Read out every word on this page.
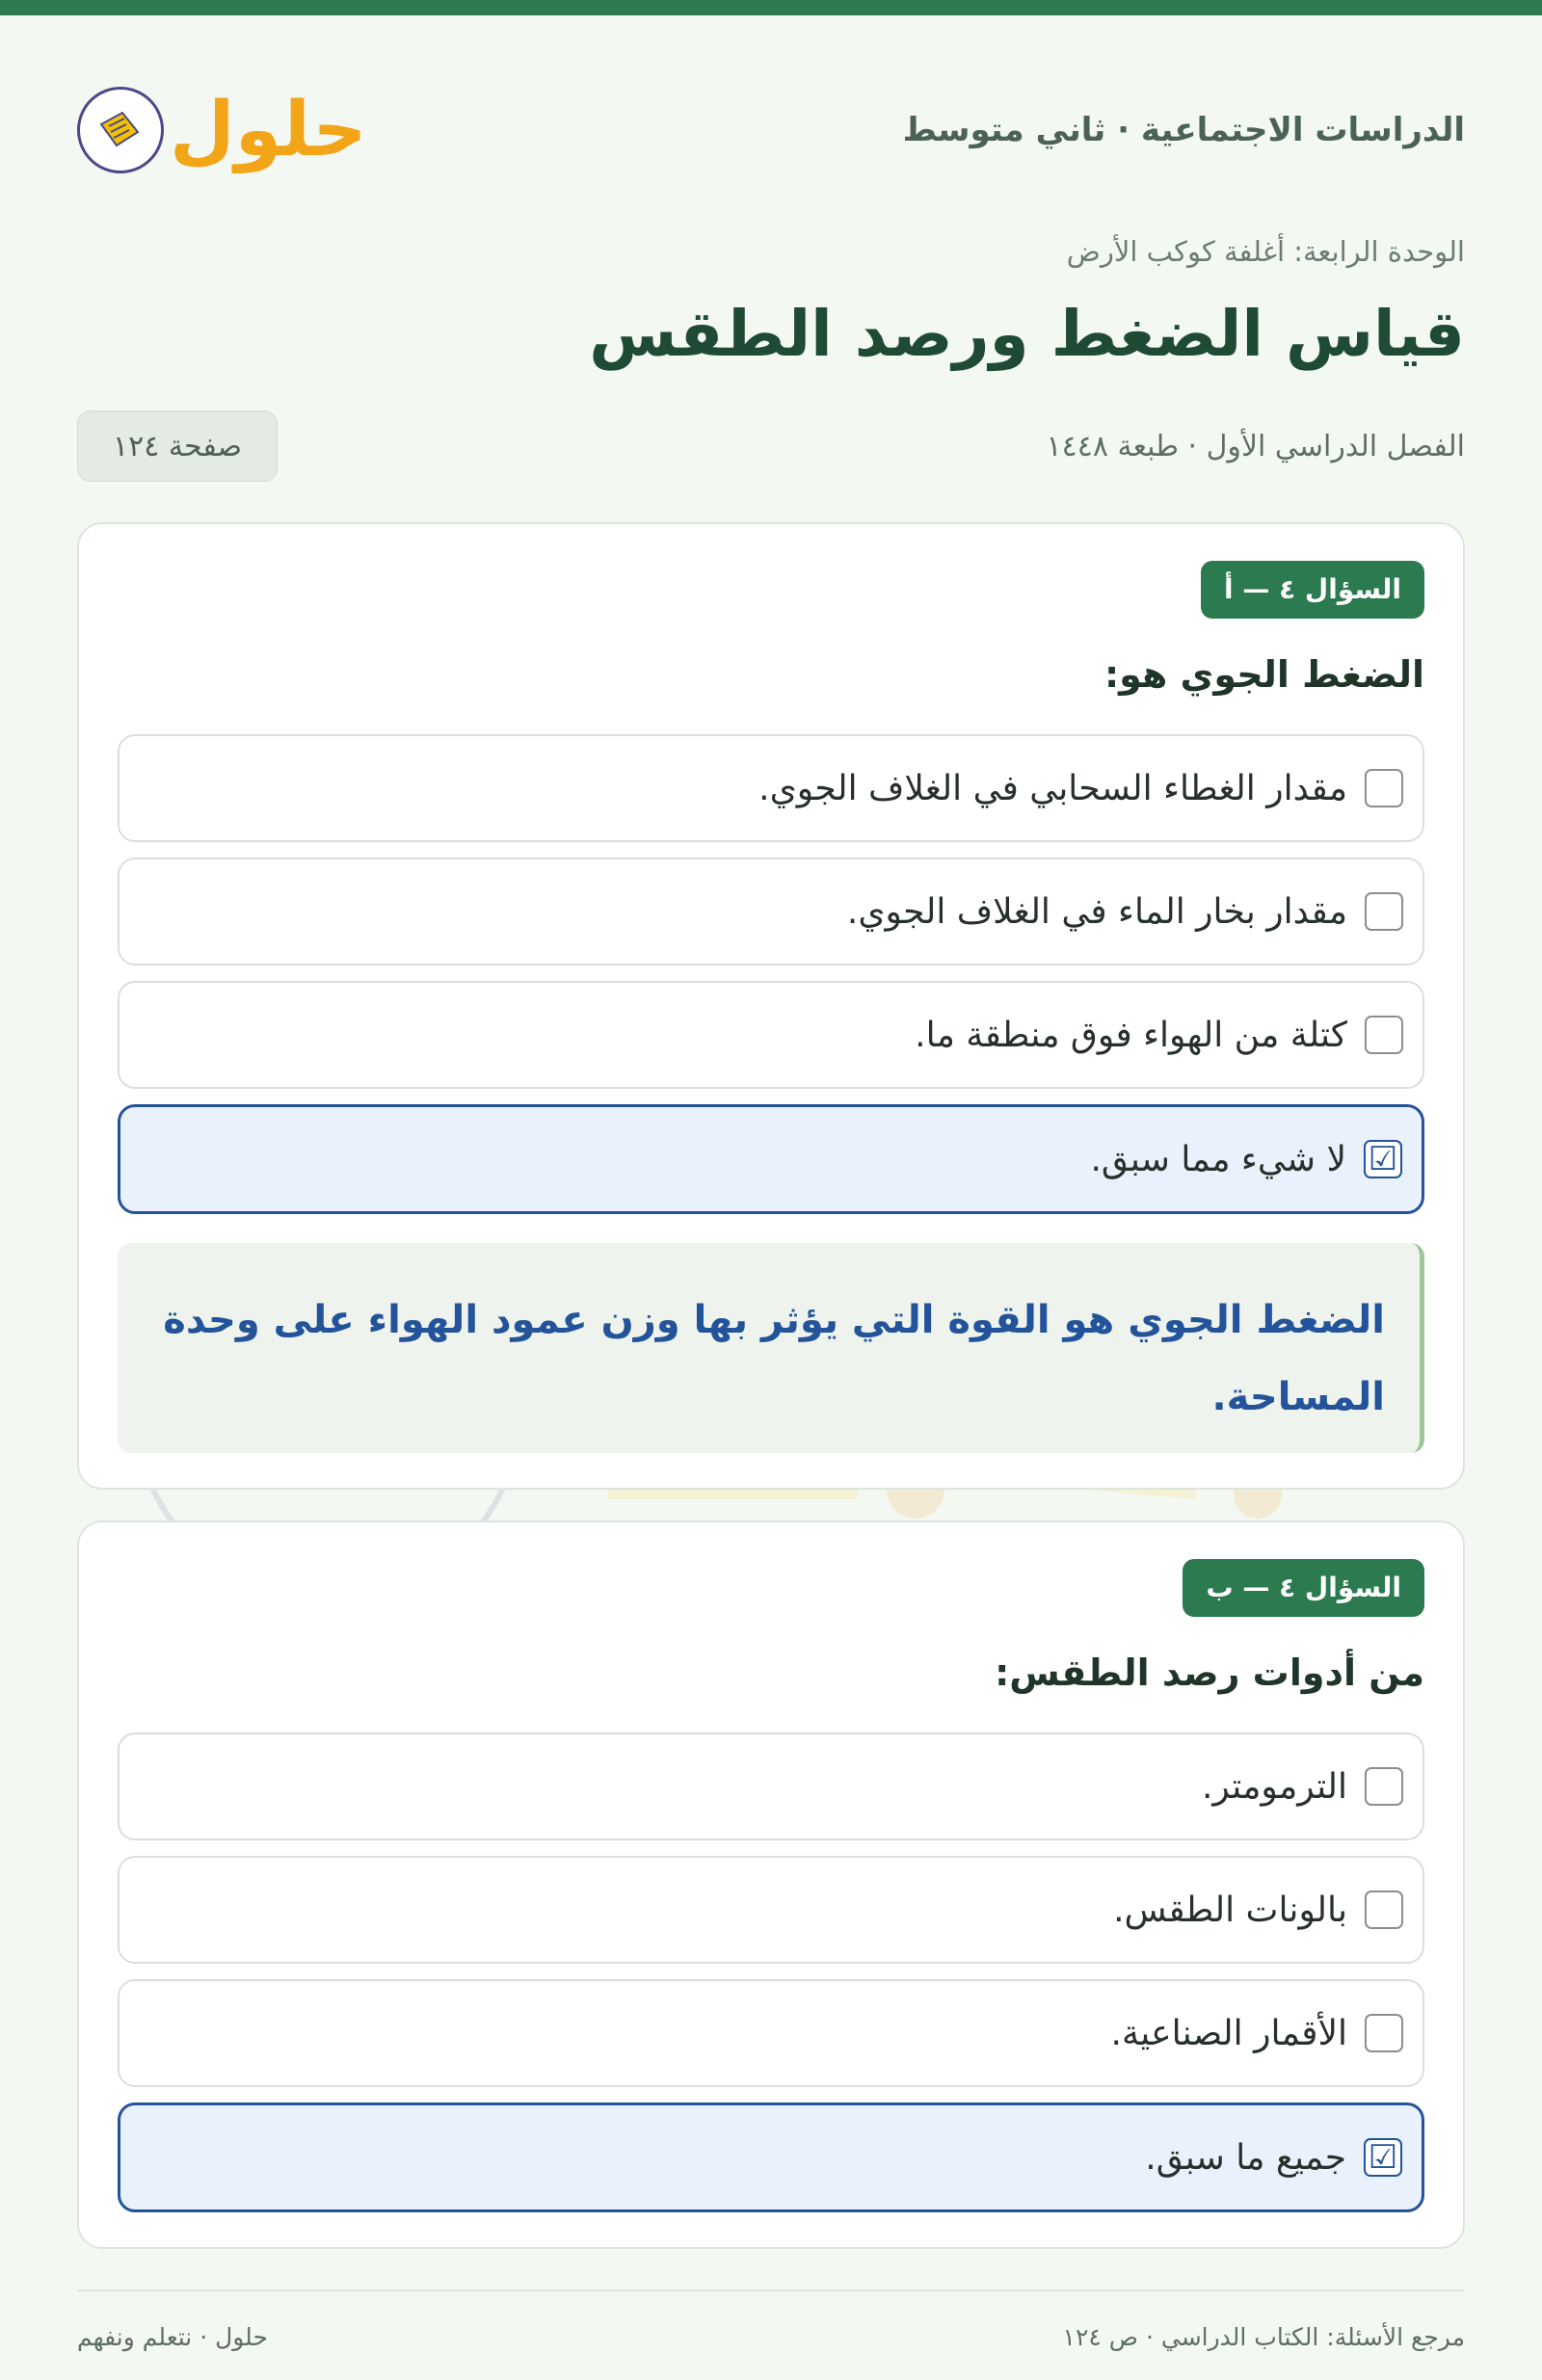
الدراسات الاجتماعية · ثاني متوسط
حلول
الوحدة الرابعة: أغلفة كوكب الأرض
قياس الضغط ورصد الطقس
الفصل الدراسي الأول · طبعة ١٤٤٨
صفحة ١٢٤
السؤال ٤ — أ
الضغط الجوي هو:
مقدار الغطاء السحابي في الغلاف الجوي.
مقدار بخار الماء في الغلاف الجوي.
كتلة من الهواء فوق منطقة ما.
☑
لا شيء مما سبق.
الضغط الجوي هو القوة التي يؤثر بها وزن عمود الهواء على وحدة المساحة.
السؤال ٤ — ب
من أدوات رصد الطقس:
الترمومتر.
بالونات الطقس.
الأقمار الصناعية.
☑
جميع ما سبق.
مرجع الأسئلة: الكتاب الدراسي · ص ١٢٤
حلول · نتعلم ونفهم
